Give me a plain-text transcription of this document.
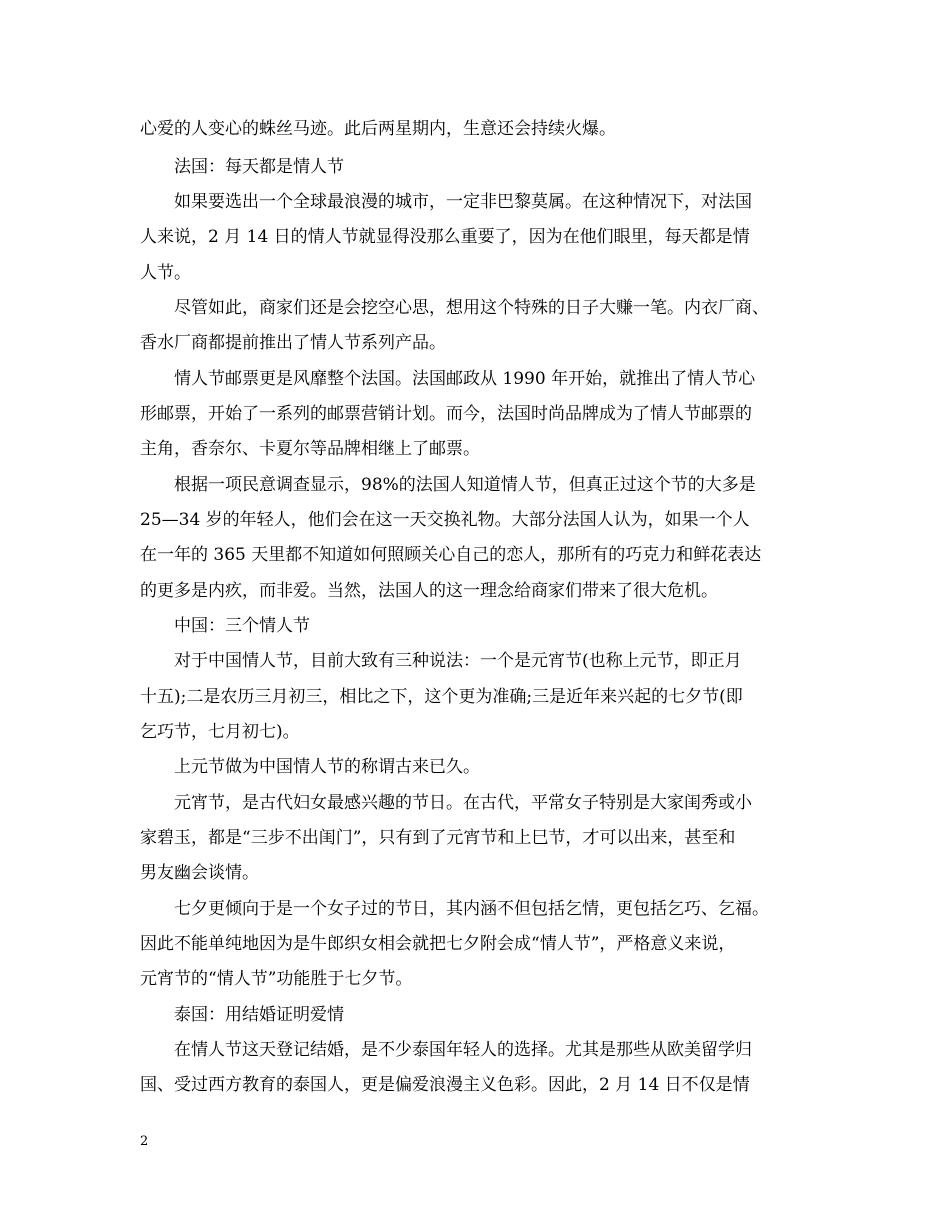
心爱的人变心的蛛丝马迹。此后两星期内，生意还会持续火爆。
　　法国：每天都是情人节
　　如果要选出一个全球最浪漫的城市，一定非巴黎莫属。在这种情况下，对法国
人来说，2 月 14 日的情人节就显得没那么重要了，因为在他们眼里，每天都是情
人节。
　　尽管如此，商家们还是会挖空心思，想用这个特殊的日子大赚一笔。内衣厂商、
香水厂商都提前推出了情人节系列产品。
　　情人节邮票更是风靡整个法国。法国邮政从 1990 年开始，就推出了情人节心
形邮票，开始了一系列的邮票营销计划。而今，法国时尚品牌成为了情人节邮票的
主角，香奈尔、卡夏尔等品牌相继上了邮票。
　　根据一项民意调查显示，98%的法国人知道情人节，但真正过这个节的大多是
25—34 岁的年轻人，他们会在这一天交换礼物。大部分法国人认为，如果一个人
在一年的 365 天里都不知道如何照顾关心自己的恋人，那所有的巧克力和鲜花表达
的更多是内疚，而非爱。当然，法国人的这一理念给商家们带来了很大危机。
　　中国：三个情人节
　　对于中国情人节，目前大致有三种说法：一个是元宵节(也称上元节，即正月
十五);二是农历三月初三，相比之下，这个更为准确;三是近年来兴起的七夕节(即
乞巧节，七月初七)。
　　上元节做为中国情人节的称谓古来已久。
　　元宵节，是古代妇女最感兴趣的节日。在古代，平常女子特别是大家闺秀或小
家碧玉，都是“三步不出闺门”，只有到了元宵节和上巳节，才可以出来，甚至和
男友幽会谈情。
　　七夕更倾向于是一个女子过的节日，其内涵不但包括乞情，更包括乞巧、乞福。
因此不能单纯地因为是牛郎织女相会就把七夕附会成“情人节”，严格意义来说，
元宵节的“情人节”功能胜于七夕节。
　　泰国：用结婚证明爱情
　　在情人节这天登记结婚，是不少泰国年轻人的选择。尤其是那些从欧美留学归
国、受过西方教育的泰国人，更是偏爱浪漫主义色彩。因此，2 月 14 日不仅是情
2
